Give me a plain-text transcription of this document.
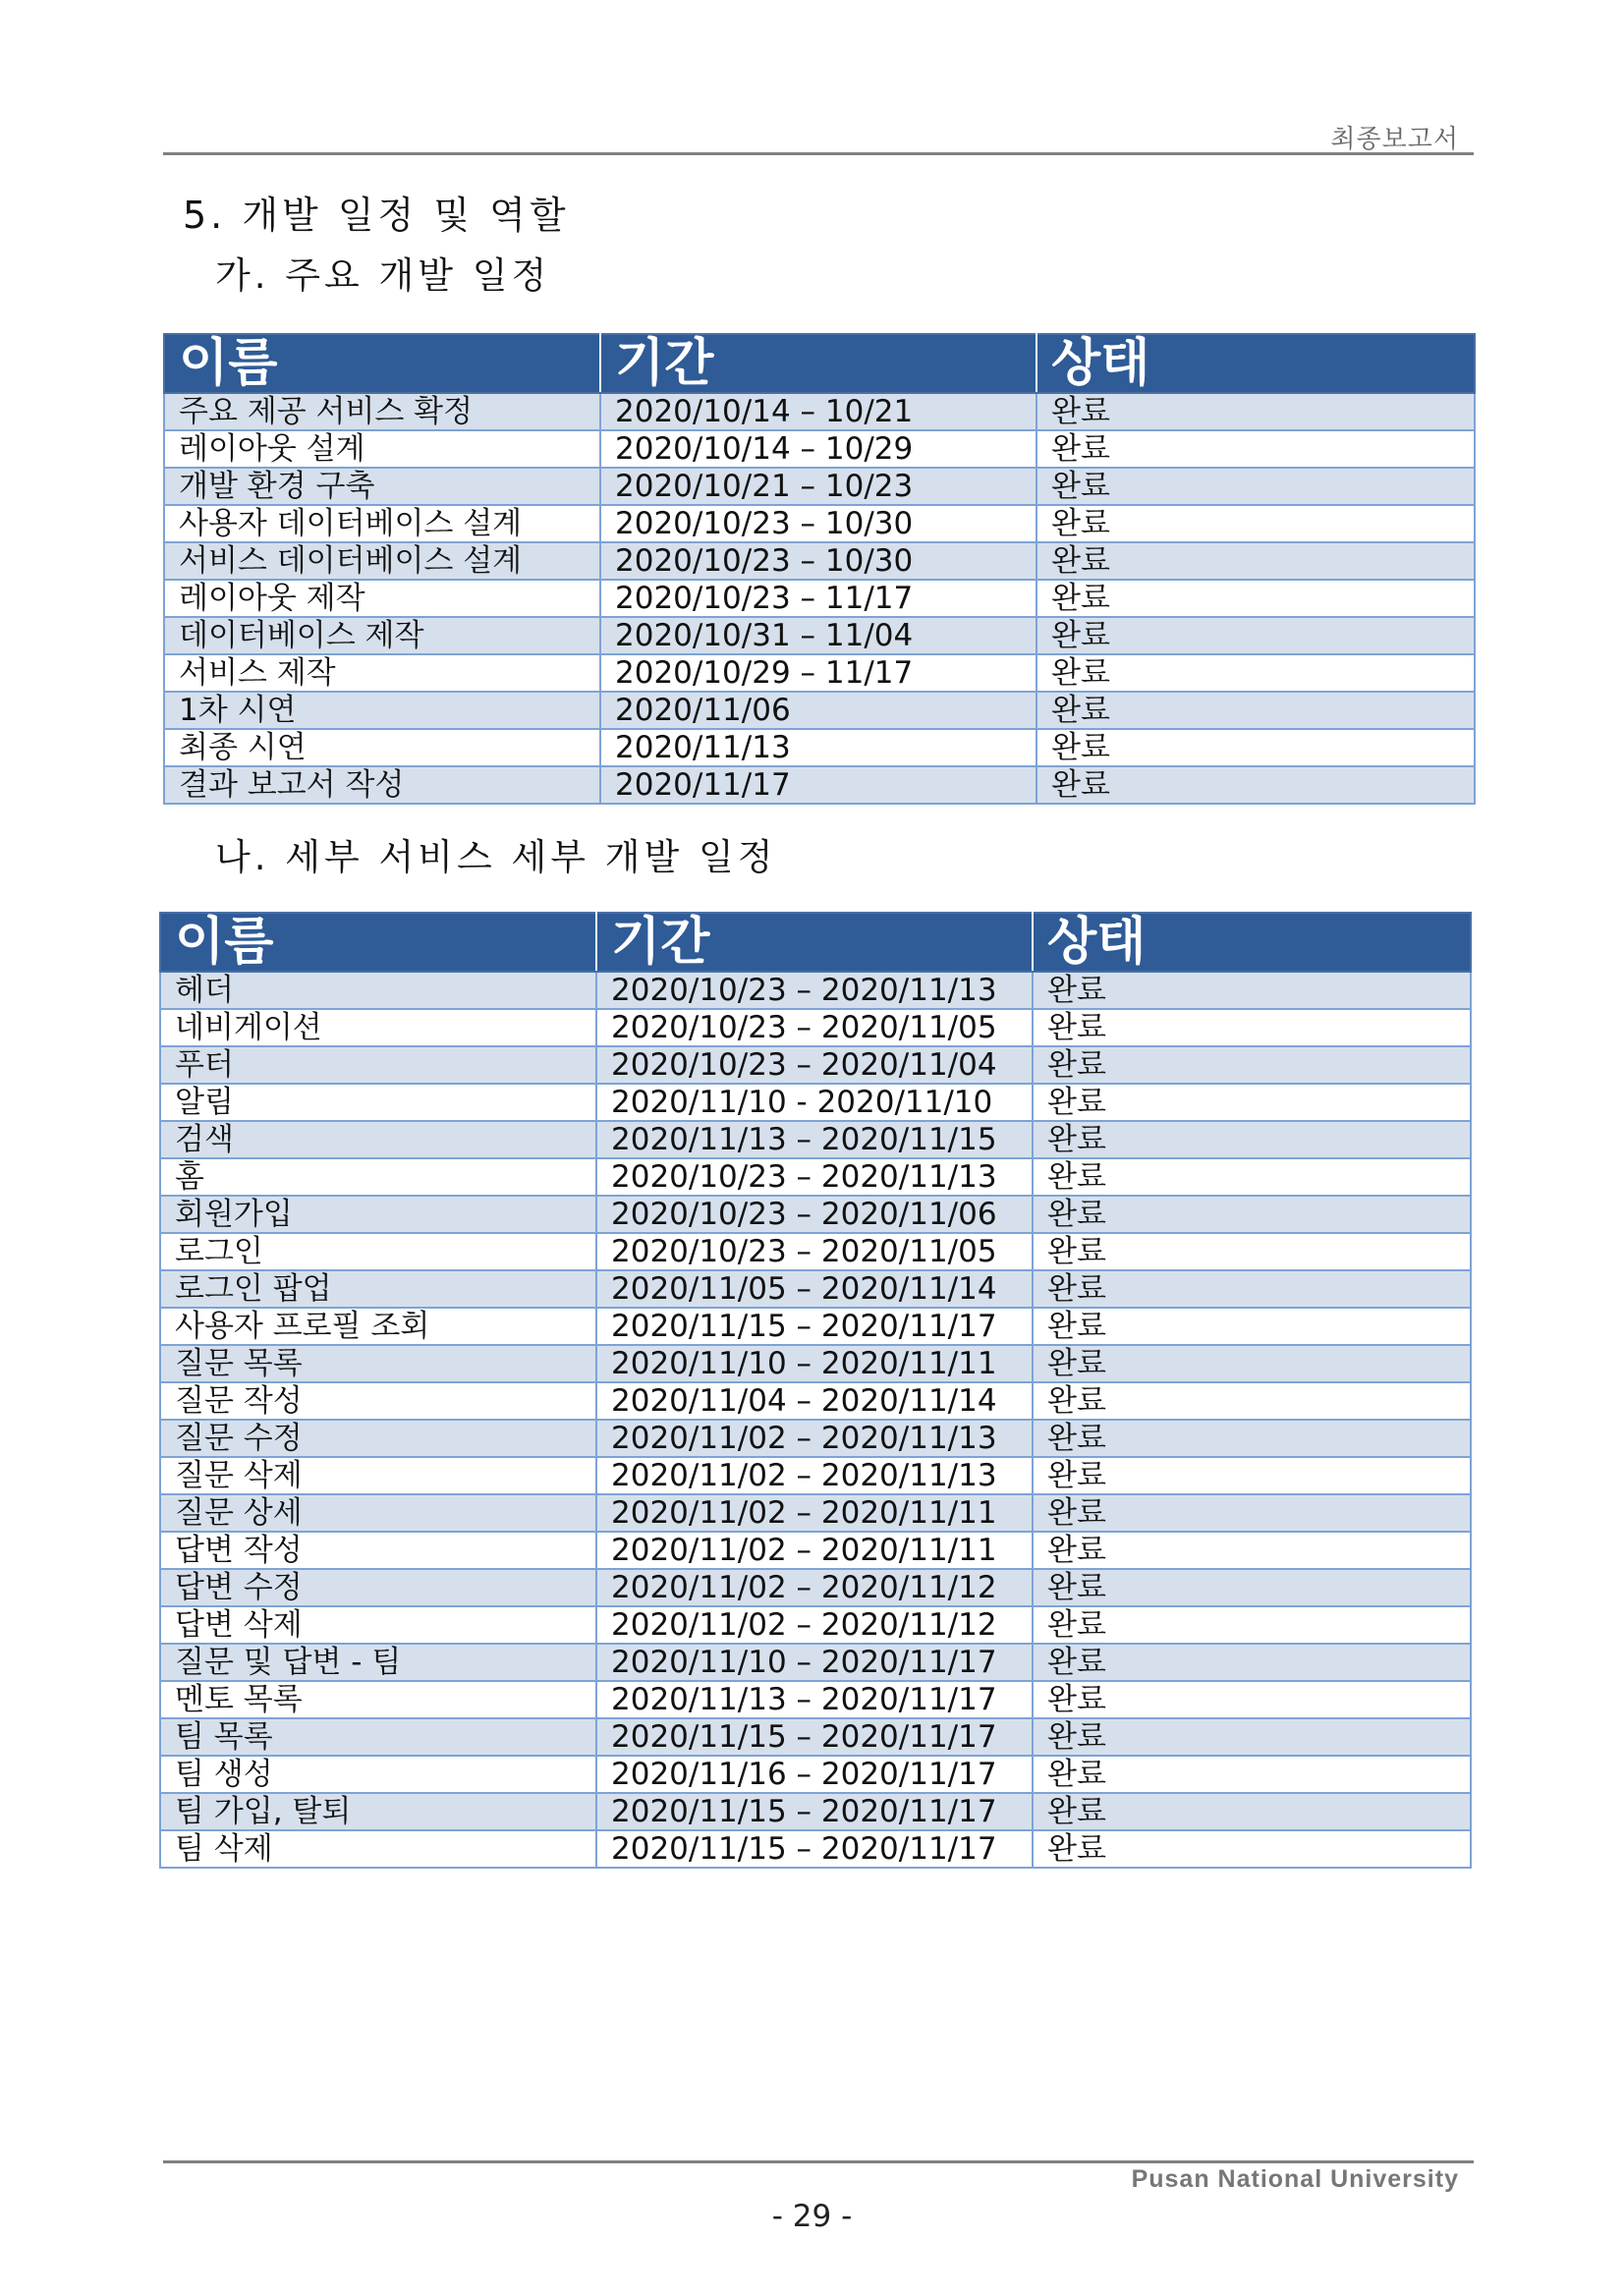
최종보고서
5. 개발 일정 및 역할
가. 주요 개발 일정
이름	기간	상태
주요 제공 서비스 확정	2020/10/14 – 10/21	완료
레이아웃 설계	2020/10/14 – 10/29	완료
개발 환경 구축	2020/10/21 – 10/23	완료
사용자 데이터베이스 설계	2020/10/23 – 10/30	완료
서비스 데이터베이스 설계	2020/10/23 – 10/30	완료
레이아웃 제작	2020/10/23 – 11/17	완료
데이터베이스 제작	2020/10/31 – 11/04	완료
서비스 제작	2020/10/29 – 11/17	완료
1차 시연	2020/11/06	완료
최종 시연	2020/11/13	완료
결과 보고서 작성	2020/11/17	완료
나. 세부 서비스 세부 개발 일정
이름	기간	상태
헤더	2020/10/23 – 2020/11/13	완료
네비게이션	2020/10/23 – 2020/11/05	완료
푸터	2020/10/23 – 2020/11/04	완료
알림	2020/11/10 - 2020/11/10	완료
검색	2020/11/13 – 2020/11/15	완료
홈	2020/10/23 – 2020/11/13	완료
회원가입	2020/10/23 – 2020/11/06	완료
로그인	2020/10/23 – 2020/11/05	완료
로그인 팝업	2020/11/05 – 2020/11/14	완료
사용자 프로필 조회	2020/11/15 – 2020/11/17	완료
질문 목록	2020/11/10 – 2020/11/11	완료
질문 작성	2020/11/04 – 2020/11/14	완료
질문 수정	2020/11/02 – 2020/11/13	완료
질문 삭제	2020/11/02 – 2020/11/13	완료
질문 상세	2020/11/02 – 2020/11/11	완료
답변 작성	2020/11/02 – 2020/11/11	완료
답변 수정	2020/11/02 – 2020/11/12	완료
답변 삭제	2020/11/02 – 2020/11/12	완료
질문 및 답변 - 팀	2020/11/10 – 2020/11/17	완료
멘토 목록	2020/11/13 – 2020/11/17	완료
팀 목록	2020/11/15 – 2020/11/17	완료
팀 생성	2020/11/16 – 2020/11/17	완료
팀 가입, 탈퇴	2020/11/15 – 2020/11/17	완료
팀 삭제	2020/11/15 – 2020/11/17	완료
Pusan National University
- 29 -
